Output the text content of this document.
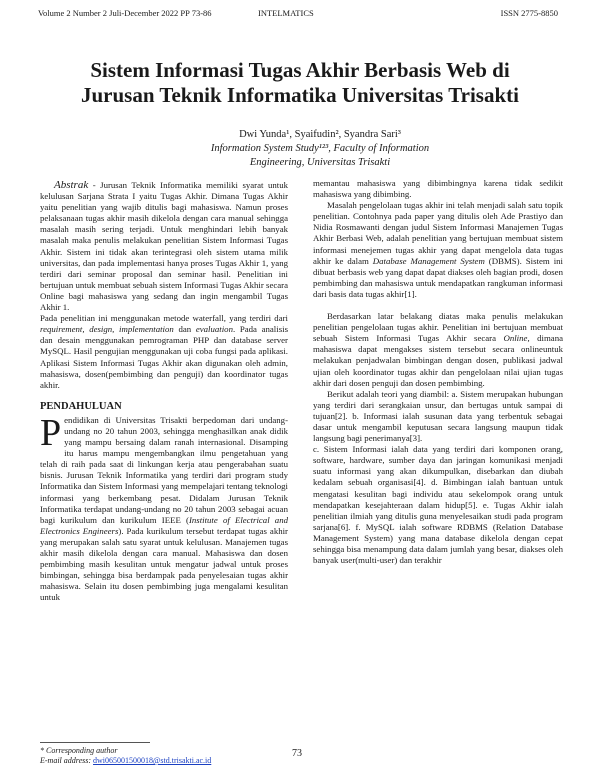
Volume 2 Number 2 Juli-December 2022 PP 73-86	INTELMATICS	ISSN 2775-8850
Sistem Informasi Tugas Akhir Berbasis Web di
Jurusan Teknik Informatika Universitas Trisakti
Dwi Yunda¹, Syaifudin², Syandra Sari³
Information System Study¹²³, Faculty of Information
Engineering, Universitas Trisakti

Abstrak - Jurusan Teknik Informatika memiliki syarat untuk kelulusan Sarjana Strata I yaitu Tugas Akhir. Dimana Tugas Akhir yaitu penelitian yang wajib ditulis bagi mahasiswa. Namun proses pelaksanaan tugas akhir masih dikelola dengan cara manual sehingga masalah masih sering terjadi. Untuk menghindari lebih banyak masalah maka penulis melakukan penelitian Sistem Informasi Tugas Akhir. Sistem ini tidak akan terintegrasi oleh sistem utama milik universitas, dan pada implementasi hanya proses Tugas Akhir 1, yang terdiri dari seminar proposal dan seminar hasil. Penelitian ini bertujuan untuk membuat sebuah sistem Informasi Tugas Akhir secara Online bagi mahasiswa yang sedang dan ingin mengambil Tugas Akhir 1.

Pada penelitian ini menggunakan metode waterfall, yang terdiri dari requirement, design, implementation dan evaluation. Pada analisis dan desain menggunakan pemrograman PHP dan database server MySQL. Hasil pengujian menggunakan uji coba fungsi pada aplikasi. Aplikasi Sistem Informasi Tugas Akhir akan digunakan oleh admin, mahasiswa, dosen(pembimbing dan penguji) dan koordinator tugas akhir.

PENDAHULUAN

Pendidikan di Universitas Trisakti berpedoman dari undang-undang no 20 tahun 2003, sehingga menghasilkan anak didik yang mampu bersaing dalam ranah internasional. Disamping itu harus mampu mengembangkan ilmu pengetahuan yang telah di raih pada saat di linkungan kerja atau pengerabahan suatu bisnis. Jurusan Teknik Informatika yang terdiri dari program study Informatika dan Sistem Informasi yang mempelajari tentang teknologi informasi yang berkembang pesat. Didalam Jurusan Teknik Informatika terdapat undang-undang no 20 tahun 2003 sebagai acuan bagi kurikulum dan kurikulum IEEE (Institute of Electrical and Electronics Engineers). Pada kurikulum tersebut terdapat tugas akhir yang merupakan salah satu syarat untuk kelulusan. Manajemen tugas akhir masih dikelola dengan cara manual. Mahasiswa dan dosen pembimbing masih kesulitan untuk mengatur jadwal untuk proses bimbingan, sehingga bisa berdampak pada penyelesaian tugas akhir mahasiswa. Selain itu dosen pembimbing juga mengalami kesulitan untuk

memantau mahasiswa yang dibimbingnya karena tidak sedikit mahasiswa yang dibimbing.

Masalah pengelolaan tugas akhir ini telah menjadi salah satu topik penelitian. Contohnya pada paper yang ditulis oleh Ade Prastiyo dan Nidia Rosmawanti dengan judul Sistem Informasi Manajemen Tugas Akhir Berbasi Web, adalah penelitian yang bertujuan membuat sistem informasi menejemen tugas akhir yang dapat mengelola data tugas akhir ke dalam Database Management System (DBMS). Sistem ini dibuat berbasis web yang dapat dapat diakses oleh bagian prodi, dosen pembimbing dan mahasiswa untuk mendapatkan rangkuman informasi dari basis data tugas akhir[1].

Berdasarkan latar belakang diatas maka penulis melakukan penelitian pengelolaan tugas akhir. Penelitian ini bertujuan membuat sebuah Sistem Informasi Tugas Akhir secara Online, dimana mahasiswa dapat mengakses sistem tersebut secara onlineuntuk melakukan penjadwalan bimbingan dengan dosen, publikasi jadwal ujian oleh koordinator tugas akhir dan pengelolaan nilai ujian tugas akhir dari dosen penguji dan dosen pembimbing.

Berikut adalah teori yang diambil: a. Sistem merupakan hubungan yang terdiri dari serangkaian unsur, dan bertugas untuk sampai di tujuan[2]. b. Informasi ialah susunan data yang terbentuk sebagai dasar untuk mengambil keputusan secara langsung maupun tidak langsung bagi penerimanya[3].

c. Sistem Informasi ialah data yang terdiri dari komponen orang, software, hardware, sumber daya dan jaringan komunikasi menjadi suatu informasi yang akan dikumpulkan, disebarkan dan diubah kedalam sebuah organisasi[4]. d. Bimbingan ialah bantuan untuk mengatasi kesulitan bagi individu atau sekelompok orang untuk mendapatkan kesejahteraan dalam hidup[5]. e. Tugas Akhir ialah penelitian ilmiah yang ditulis guna menyelesaikan studi pada program sarjana[6]. f. MySQL ialah software RDBMS (Relation Database Management System) yang mana database dikelola dengan cepat sehingga bisa menampung data dalam jumlah yang besar, diakses oleh banyak user(multi-user) dan terakhir

* Corresponding author
E-mail address: dwi065001500018@std.trisakti.ac.id
73
